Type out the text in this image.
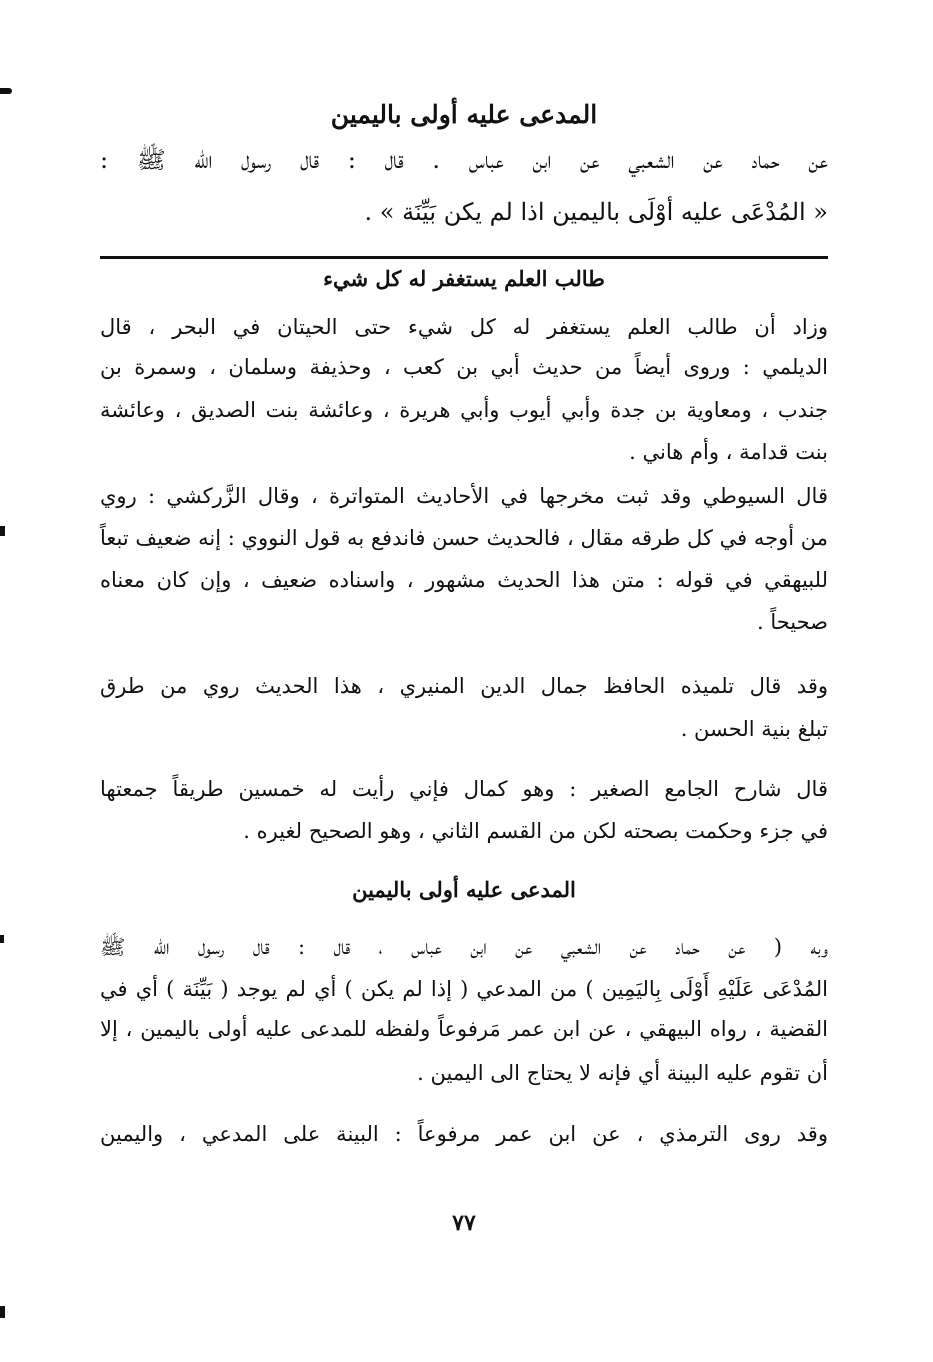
المدعى عليه أولى باليمين
عن حماد عن الشعبي عن ابن عباس . قال : قال رسول الله ﷺ :
« المُدْعَى عليه أوْلَى باليمين اذا لم يكن بَيِّنَة » .
طالب العلم يستغفر له كل شيء
وزاد أن طالب العلم يستغفر له كل شيء حتى الحيتان في البحر ، قال
الديلمي : وروى أيضاً من حديث أبي بن كعب ، وحذيفة وسلمان ، وسمرة بن
جندب ، ومعاوية بن جدة وأبي أيوب وأبي هريرة ، وعائشة بنت الصديق ، وعائشة
بنت قدامة ، وأم هاني .
قال السيوطي وقد ثبت مخرجها في الأحاديث المتواترة ، وقال الزَّركشي : روي
من أوجه في كل طرقه مقال ، فالحديث حسن فاندفع به قول النووي : إنه ضعيف تبعاً
للبيهقي في قوله : متن هذا الحديث مشهور ، واسناده ضعيف ، وإن كان معناه
صحيحاً .
وقد قال تلميذه الحافظ جمال الدين المنيري ، هذا الحديث روي من طرق
تبلغ بنية الحسن .
قال شارح الجامع الصغير : وهو كمال فإني رأيت له خمسين طريقاً جمعتها
في جزء وحكمت بصحته لكن من القسم الثاني ، وهو الصحيح لغيره .
المدعى عليه أولى باليمين
وبه ( عن حماد عن الشعبي عن ابن عباس ، قال : قال رسول الله ﷺ
المُدْعَى عَلَيْهِ أَوْلَى بِاليَمِين ) من المدعي ( إذا لم يكن ) أي لم يوجد ( بَيِّنَة ) أي في
القضية ، رواه البيهقي ، عن ابن عمر مَرفوعاً ولفظه للمدعى عليه أولى باليمين ، إلا
أن تقوم عليه البينة أي فإنه لا يحتاج الى اليمين .
وقد روى الترمذي ، عن ابن عمر مرفوعاً : البينة على المدعي ، واليمين
٧٧
